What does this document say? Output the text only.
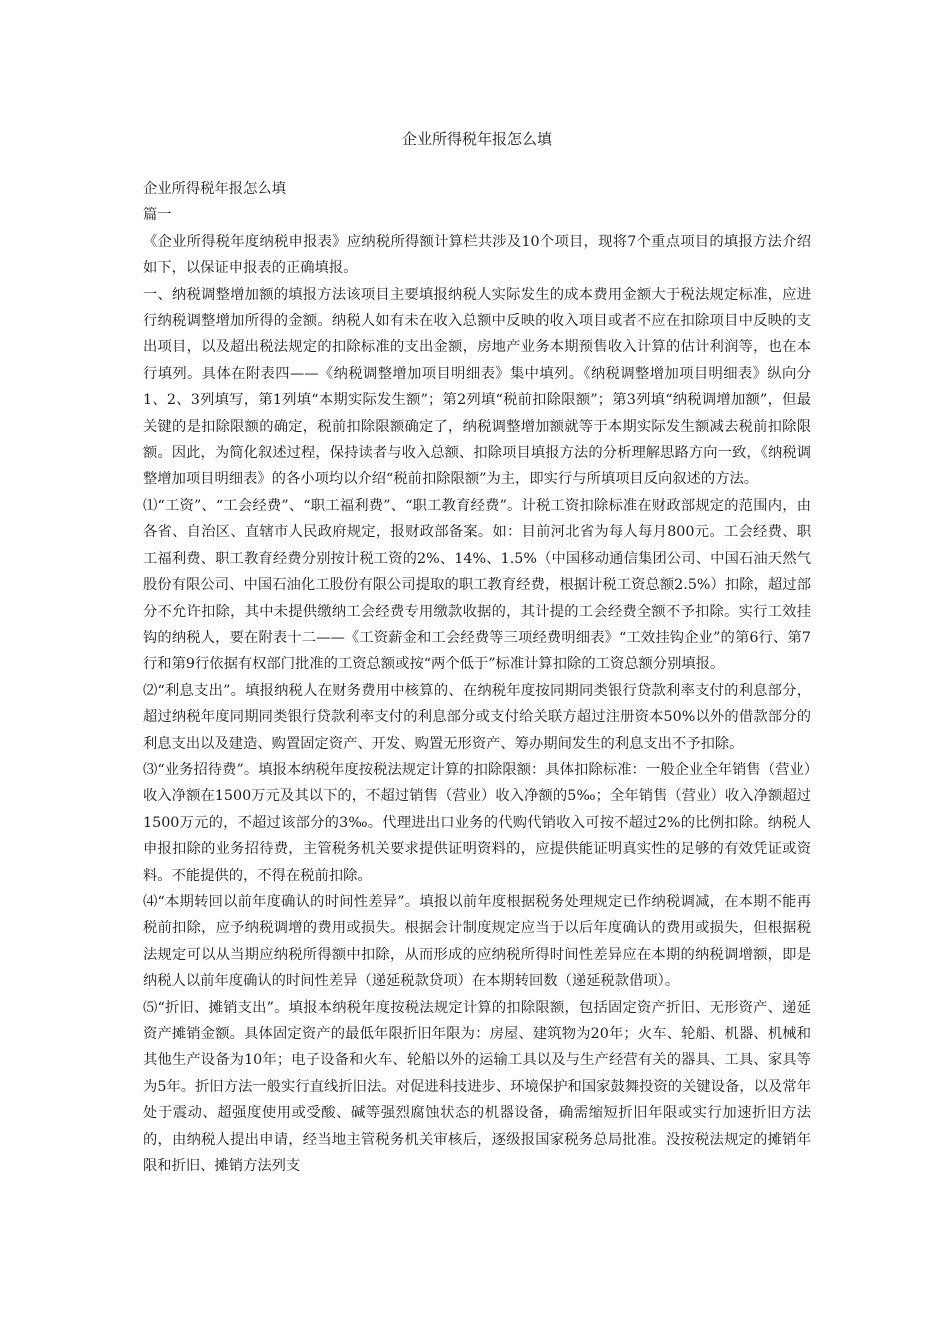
企业所得税年报怎么填

企业所得税年报怎么填

篇一

《企业所得税年度纳税申报表》应纳税所得额计算栏共涉及10个项目，现将7个重点项目的填报方法介绍如下，以保证申报表的正确填报。

一、纳税调整增加额的填报方法该项目主要填报纳税人实际发生的成本费用金额大于税法规定标准，应进行纳税调整增加所得的金额。纳税人如有未在收入总额中反映的收入项目或者不应在扣除项目中反映的支出项目，以及超出税法规定的扣除标准的支出金额，房地产业务本期预售收入计算的估计利润等，也在本行填列。具体在附表四——《纳税调整增加项目明细表》集中填列。《纳税调整增加项目明细表》纵向分1、2、3列填写，第1列填“本期实际发生额”；第2列填“税前扣除限额”；第3列填“纳税调增加额”，但最关键的是扣除限额的确定，税前扣除限额确定了，纳税调整增加额就等于本期实际发生额减去税前扣除限额。因此，为简化叙述过程，保持读者与收入总额、扣除项目填报方法的分析理解思路方向一致，《纳税调整增加项目明细表》的各小项均以介绍“税前扣除限额”为主，即实行与所填项目反向叙述的方法。

⑴“工资”、“工会经费”、“职工福利费”、“职工教育经费”。计税工资扣除标准在财政部规定的范围内，由各省、自治区、直辖市人民政府规定，报财政部备案。如：目前河北省为每人每月800元。工会经费、职工福利费、职工教育经费分别按计税工资的2%、14%、1.5%（中国移动通信集团公司、中国石油天然气股份有限公司、中国石油化工股份有限公司提取的职工教育经费，根据计税工资总额2.5%）扣除，超过部分不允许扣除，其中未提供缴纳工会经费专用缴款收据的，其计提的工会经费全额不予扣除。实行工效挂钩的纳税人，要在附表十二——《工资薪金和工会经费等三项经费明细表》“工效挂钩企业”的第6行、第7行和第9行依据有权部门批准的工资总额或按“两个低于”标准计算扣除的工资总额分别填报。

⑵“利息支出”。填报纳税人在财务费用中核算的、在纳税年度按同期同类银行贷款利率支付的利息部分，超过纳税年度同期同类银行贷款利率支付的利息部分或支付给关联方超过注册资本50%以外的借款部分的利息支出以及建造、购置固定资产、开发、购置无形资产、筹办期间发生的利息支出不予扣除。

⑶“业务招待费”。填报本纳税年度按税法规定计算的扣除限额：具体扣除标准：一般企业全年销售（营业）收入净额在1500万元及其以下的，不超过销售（营业）收入净额的5‰；全年销售（营业）收入净额超过1500万元的，不超过该部分的3‰。代理进出口业务的代购代销收入可按不超过2%的比例扣除。纳税人申报扣除的业务招待费，主管税务机关要求提供证明资料的，应提供能证明真实性的足够的有效凭证或资料。不能提供的，不得在税前扣除。

⑷“本期转回以前年度确认的时间性差异”。填报以前年度根据税务处理规定已作纳税调减，在本期不能再税前扣除，应予纳税调增的费用或损失。根据会计制度规定应当于以后年度确认的费用或损失，但根据税法规定可以从当期应纳税所得额中扣除，从而形成的应纳税所得时间性差异应在本期的纳税调增额，即是纳税人以前年度确认的时间性差异（递延税款贷项）在本期转回数（递延税款借项）。

⑸“折旧、摊销支出”。填报本纳税年度按税法规定计算的扣除限额，包括固定资产折旧、无形资产、递延资产摊销金额。具体固定资产的最低年限折旧年限为：房屋、建筑物为20年；火车、轮船、机器、机械和其他生产设备为10年；电子设备和火车、轮船以外的运输工具以及与生产经营有关的器具、工具、家具等为5年。折旧方法一般实行直线折旧法。对促进科技进步、环境保护和国家鼓舞投资的关键设备，以及常年处于震动、超强度使用或受酸、碱等强烈腐蚀状态的机器设备，确需缩短折旧年限或实行加速折旧方法的，由纳税人提出申请，经当地主管税务机关审核后，逐级报国家税务总局批准。没按税法规定的摊销年限和折旧、摊销方法列支
